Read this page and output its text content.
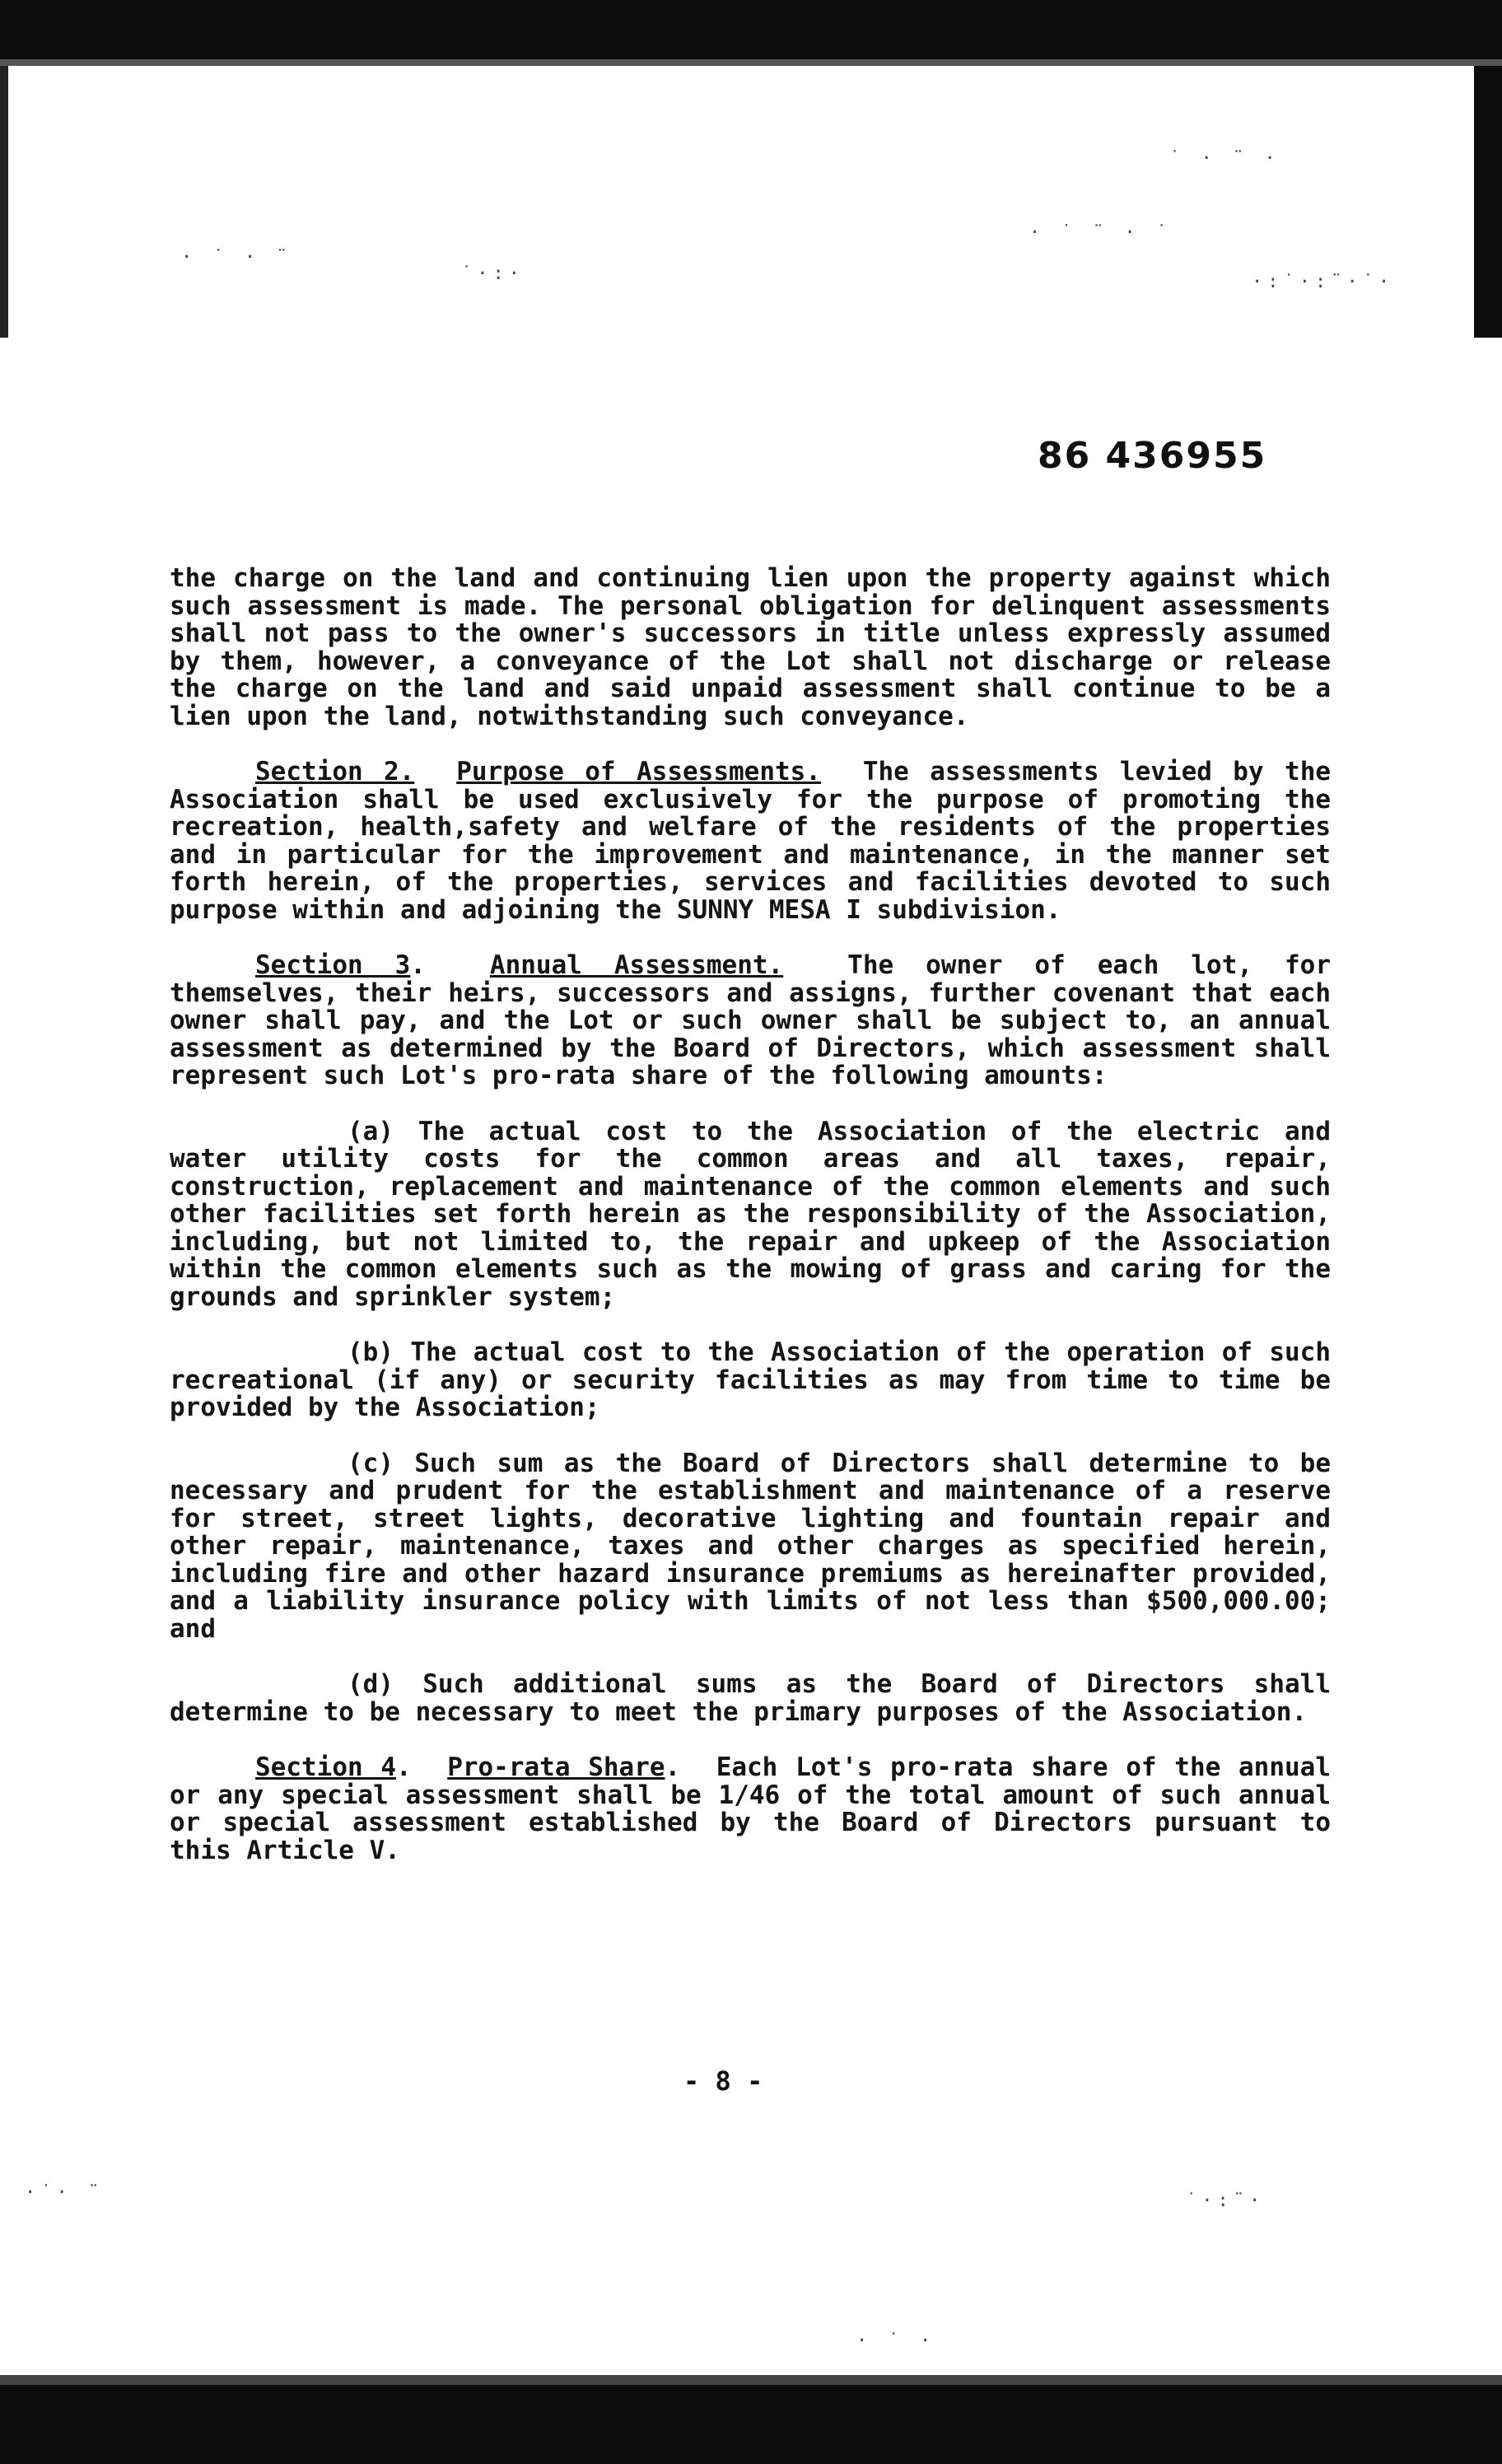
· ˙ · ¨
˙·:·
· ˙ ¨ · ˙
˙ · ¨ ·
·:˙·:¨·˙·
·˙· ¨	˙·:¨·
· ˙ ·
86 436955

the charge on the land and continuing lien upon the property against which such assessment is made. The personal obligation for delinquent assessments shall not pass to the owner's successors in title unless expressly assumed by them, however, a conveyance of the Lot shall not discharge or release the charge on the land and said unpaid assessment shall continue to be a lien upon the land, notwithstanding such conveyance.

Section 2. Purpose of Assessments. The assessments levied by the Association shall be used exclusively for the purpose of promoting the recreation, health,safety and welfare of the residents of the properties and in particular for the improvement and maintenance, in the manner set forth herein, of the properties, services and facilities devoted to such purpose within and adjoining the SUNNY MESA I subdivision.

Section 3.  Annual Assessment.	The owner of each lot, for themselves, their heirs, successors and assigns, further covenant that each owner shall pay, and the Lot or such owner shall be subject to, an annual assessment as determined by the Board of Directors, which assessment shall represent such Lot's pro-rata share of the following amounts:

(a) The actual cost to the Association of the electric and water utility costs for the common areas and all taxes, repair, construction, replacement and maintenance of the common elements and such other facilities set forth herein as the responsibility of the Association, including, but not limited to, the repair and upkeep of the Association within the common elements such as the mowing of grass and caring for the grounds and sprinkler system;

(b) The actual cost to the Association of the operation of such recreational (if any) or security facilities as may from time to time be provided by the Association;

(c) Such sum as the Board of Directors shall determine to be necessary and prudent for the establishment and maintenance of a reserve for street, street lights, decorative lighting and fountain repair and other repair, maintenance, taxes and other charges as specified herein, including fire and other hazard insurance premiums as hereinafter provided, and a liability insurance policy with limits of not less than $500,000.00; and

(d) Such additional sums as the Board of Directors shall determine to be necessary to meet the primary purposes of the Association.

Section 4.  Pro-rata Share.  Each Lot's pro-rata share of the annual or any special assessment shall be 1/46 of the total amount of such annual or special assessment established by the Board of Directors pursuant to this Article V.

- 8 -
